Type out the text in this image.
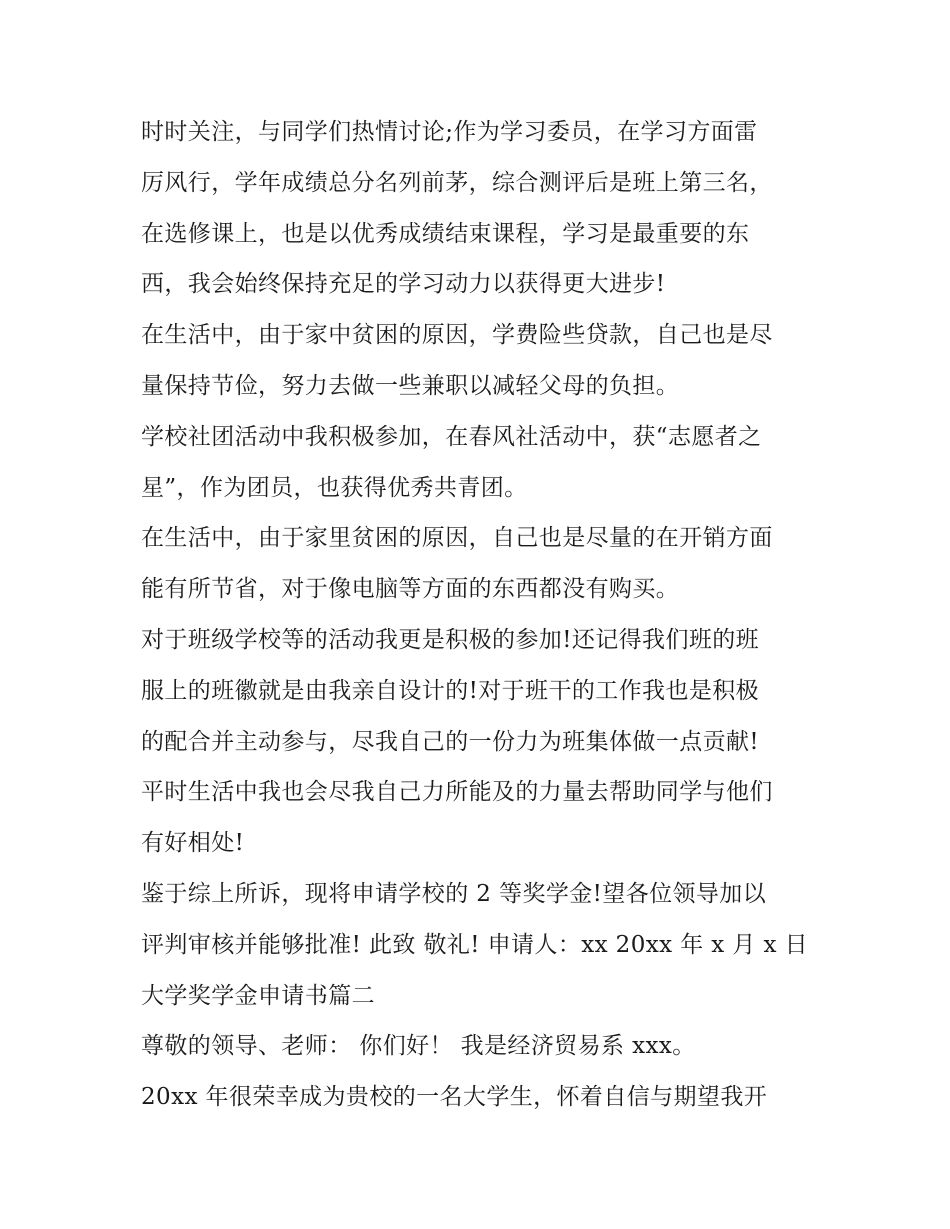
时时关注，与同学们热情讨论;作为学习委员，在学习方面雷
厉风行，学年成绩总分名列前茅，综合测评后是班上第三名，
在选修课上，也是以优秀成绩结束课程，学习是最重要的东
西，我会始终保持充足的学习动力以获得更大进步!
在生活中，由于家中贫困的原因，学费险些贷款，自己也是尽
量保持节俭，努力去做一些兼职以减轻父母的负担。
学校社团活动中我积极参加，在春风社活动中，获“志愿者之
星”，作为团员，也获得优秀共青团。
在生活中，由于家里贫困的原因，自己也是尽量的在开销方面
能有所节省，对于像电脑等方面的东西都没有购买。
对于班级学校等的活动我更是积极的参加!还记得我们班的班
服上的班徽就是由我亲自设计的!对于班干的工作我也是积极
的配合并主动参与，尽我自己的一份力为班集体做一点贡献!
平时生活中我也会尽我自己力所能及的力量去帮助同学与他们
有好相处!
鉴于综上所诉，现将申请学校的 2 等奖学金!望各位领导加以
评判审核并能够批准! 此致 敬礼! 申请人：xx 20xx 年 x 月 x 日
大学奖学金申请书篇二
尊敬的领导、老师： 你们好！ 我是经济贸易系 xxx。
20xx 年很荣幸成为贵校的一名大学生，怀着自信与期望我开
